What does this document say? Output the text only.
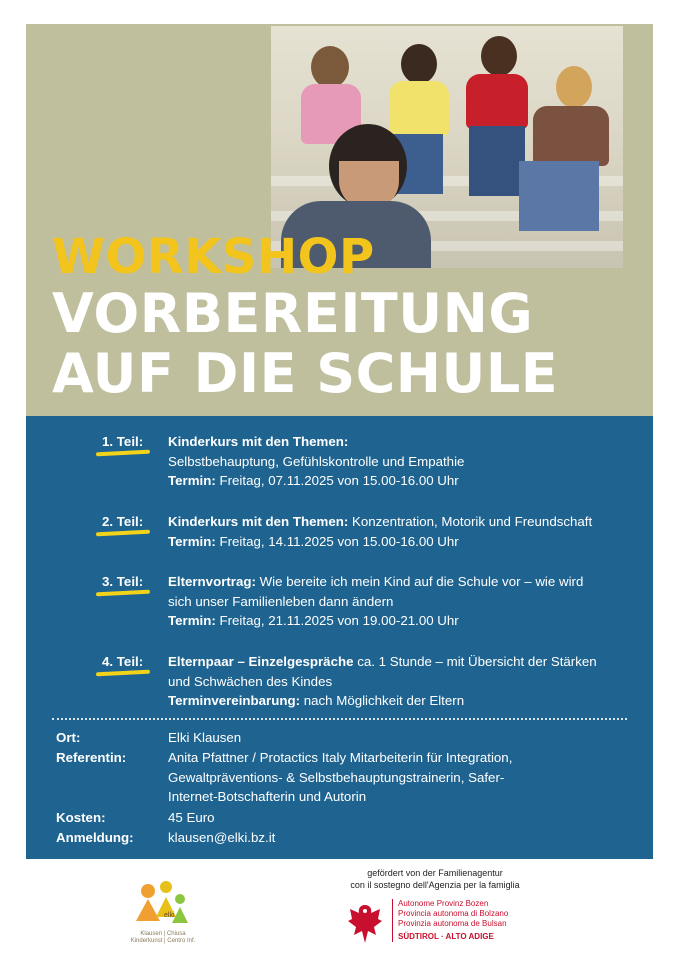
WORKSHOP
VORBEREITUNG
AUF DIE SCHULE
1. Teil: Kinderkurs mit den Themen:
Selbstbehauptung, Gefühlskontrolle und Empathie
Termin: Freitag, 07.11.2025 von 15.00-16.00 Uhr
2. Teil: Kinderkurs mit den Themen: Konzentration, Motorik und Freundschaft
Termin: Freitag, 14.11.2025 von 15.00-16.00 Uhr
3. Teil: Elternvortrag: Wie bereite ich mein Kind auf die Schule vor – wie wird
sich unser Familienleben dann ändern
Termin: Freitag, 21.11.2025 von 19.00-21.00 Uhr
4. Teil: Elternpaar – Einzelgespräche ca. 1 Stunde – mit Übersicht der Stärken
und Schwächen des Kindes
Terminvereinbarung: nach Möglichkeit der Eltern
Ort:	Elki Klausen
Referentin:	Anita Pfattner / Protactics Italy Mitarbeiterin für Integration,
Gewaltpräventions- & Selbstbehauptungstrainerin, Safer-
Internet-Botschafterin und Autorin
Kosten:	45 Euro
Anmeldung:	klausen@elki.bz.it
elki
Klausen | Chiusa
Kinderkunst | Centro Inf.
gefördert von der Familienagentur
con il sostegno dell'Agenzia per la famiglia
Autonome Provinz Bozen
Provincia autonoma di Bolzano
Provinzia autonoma de Bulsan
SÜDTIROL · ALTO ADIGE
